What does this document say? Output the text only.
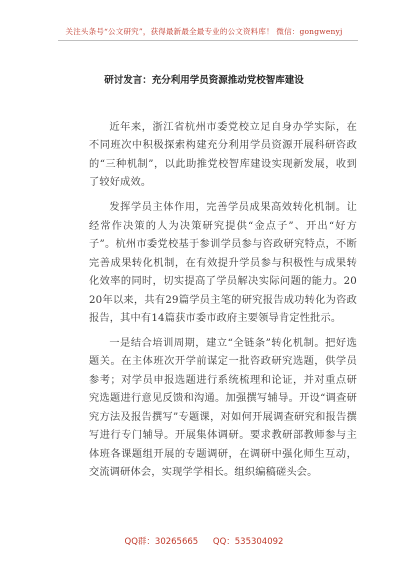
关注头条号“公文研究”，获得最新最全最专业的公文资料库！ 微信：gongwenyj
研讨发言：充分利用学员资源推动党校智库建设

近年来，浙江省杭州市委党校立足自身办学实际，在不同班次中积极探索构建充分利用学员资源开展科研咨政的“三种机制”，以此助推党校智库建设实现新发展，收到了较好成效。

发挥学员主体作用，完善学员成果高效转化机制。让经常作决策的人为决策研究提供“金点子”、开出“好方子”。杭州市委党校基于参训学员参与咨政研究特点，不断完善成果转化机制，在有效提升学员参与积极性与成果转化效率的同时，切实提高了学员解决实际问题的能力。2020年以来，共有29篇学员主笔的研究报告成功转化为咨政报告，其中有14篇获市委市政府主要领导肯定性批示。

一是结合培训周期，建立“全链条”转化机制。把好选题关。在主体班次开学前谋定一批咨政研究选题，供学员参考；对学员申报选题进行系统梳理和论证，并对重点研究选题进行意见反馈和沟通。加强撰写辅导。开设“调查研究方法及报告撰写”专题课，对如何开展调查研究和报告撰写进行专门辅导。开展集体调研。要求教研部教师参与主体班各课题组开展的专题调研，在调研中强化师生互动，交流调研体会，实现学学相长。组织编稿磋头会。

QQ群：30265665 QQ：535304092
